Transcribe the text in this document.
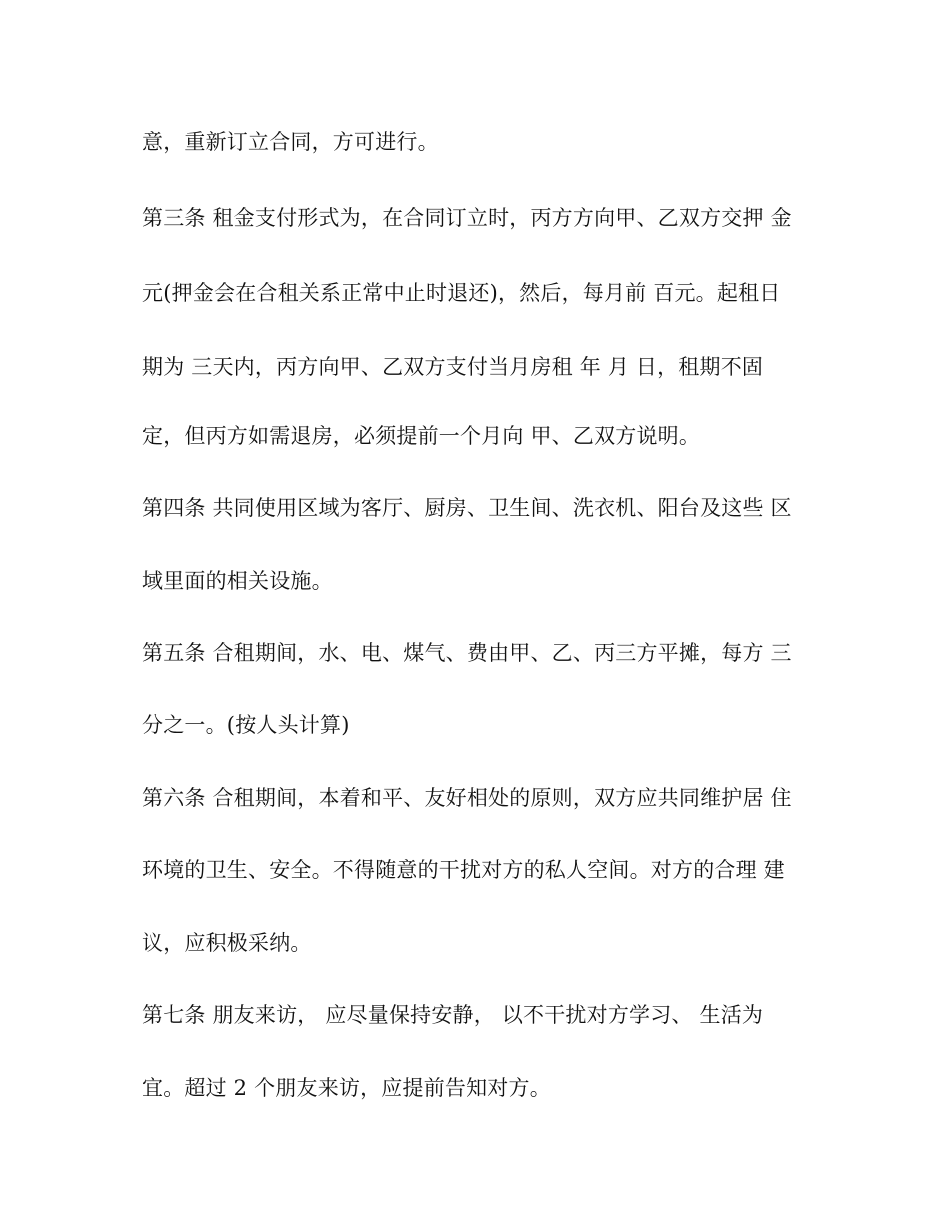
意，重新订立合同，方可进行。
第三条 租金支付形式为，在合同订立时，丙方方向甲、乙双方交押 金
元(押金会在合租关系正常中止时退还)，然后，每月前 百元。起租日
期为 三天内，丙方向甲、乙双方支付当月房租 年 月 日，租期不固
定，但丙方如需退房，必须提前一个月向 甲、乙双方说明。
第四条 共同使用区域为客厅、厨房、卫生间、洗衣机、阳台及这些 区
域里面的相关设施。
第五条 合租期间，水、电、煤气、费由甲、乙、丙三方平摊，每方 三
分之一。(按人头计算)
第六条 合租期间，本着和平、友好相处的原则，双方应共同维护居 住
环境的卫生、安全。不得随意的干扰对方的私人空间。对方的合理 建
议，应积极采纳。
第七条 朋友来访， 应尽量保持安静， 以不干扰对方学习、 生活为
宜。超过 2 个朋友来访，应提前告知对方。
